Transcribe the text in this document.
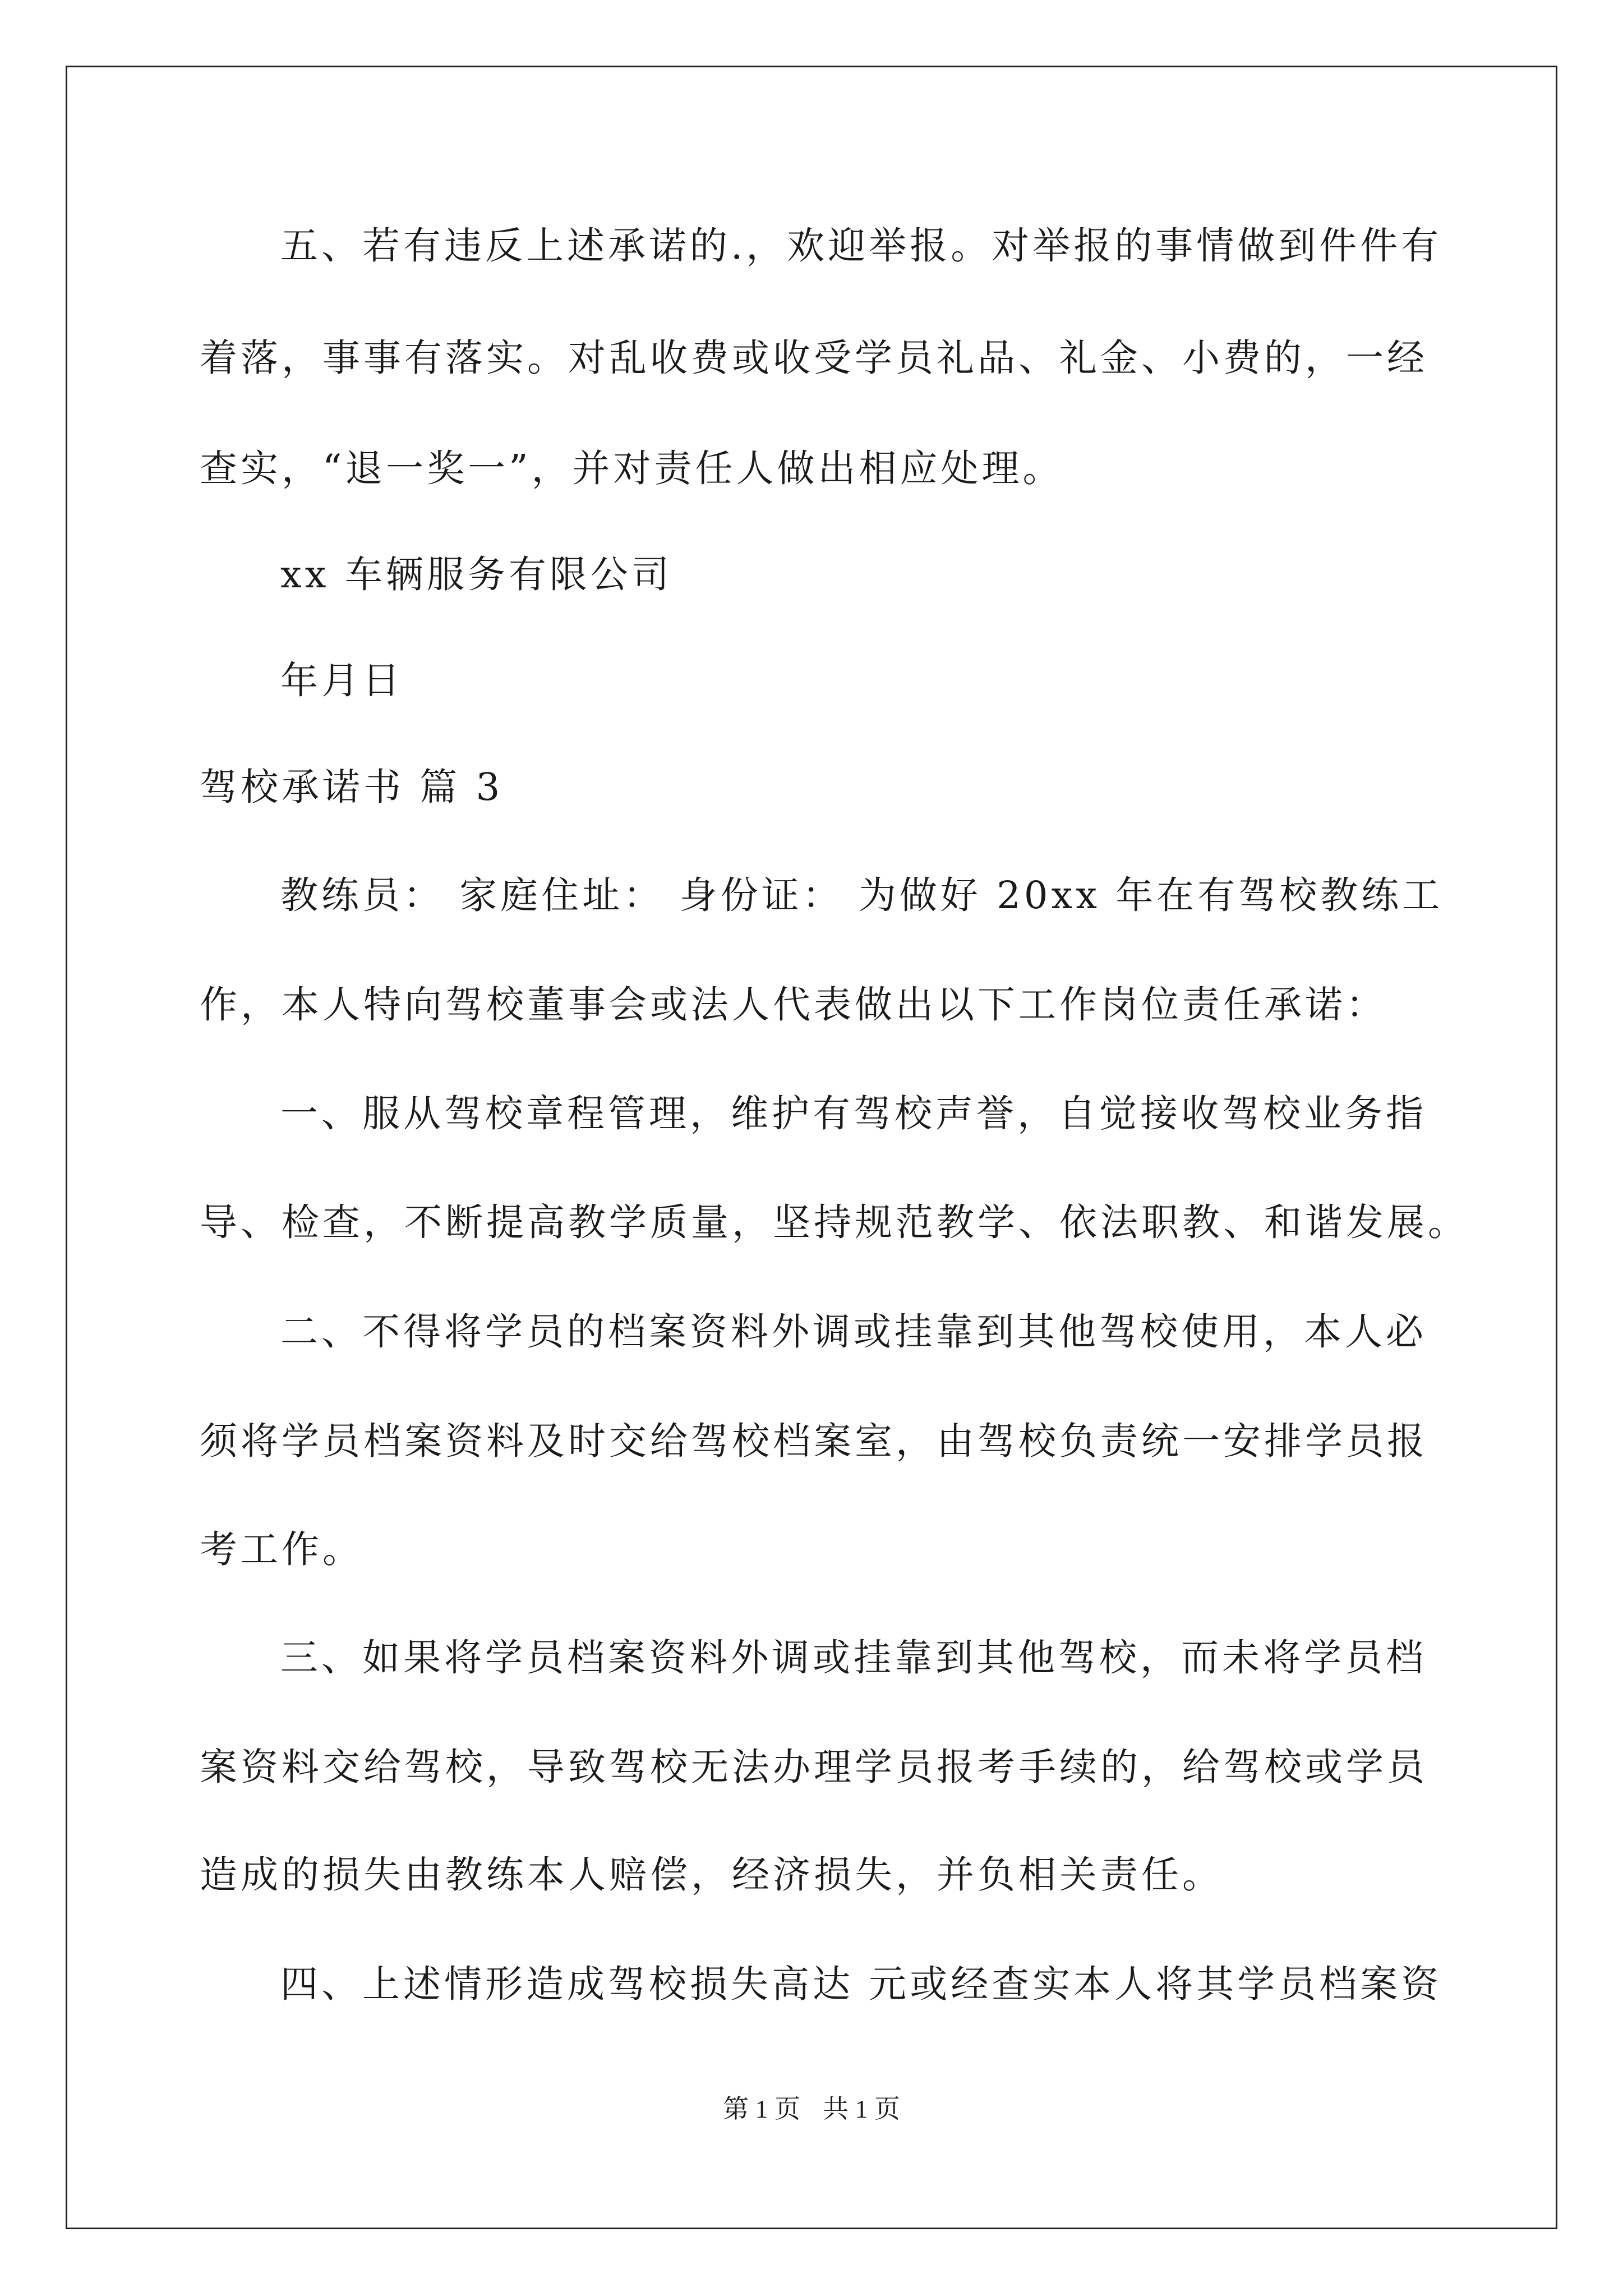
五、若有违反上述承诺的.，欢迎举报。对举报的事情做到件件有
着落，事事有落实。对乱收费或收受学员礼品、礼金、小费的，一经
查实，“退一奖一”，并对责任人做出相应处理。
xx 车辆服务有限公司
年月日
驾校承诺书 篇 3
教练员： 家庭住址： 身份证： 为做好 20xx 年在有驾校教练工
作，本人特向驾校董事会或法人代表做出以下工作岗位责任承诺：
一、服从驾校章程管理，维护有驾校声誉，自觉接收驾校业务指
导、检查，不断提高教学质量，坚持规范教学、依法职教、和谐发展。
二、不得将学员的档案资料外调或挂靠到其他驾校使用，本人必
须将学员档案资料及时交给驾校档案室，由驾校负责统一安排学员报
考工作。
三、如果将学员档案资料外调或挂靠到其他驾校，而未将学员档
案资料交给驾校，导致驾校无法办理学员报考手续的，给驾校或学员
造成的损失由教练本人赔偿，经济损失，并负相关责任。
四、上述情形造成驾校损失高达 元或经查实本人将其学员档案资
第 1 页 共 1 页
